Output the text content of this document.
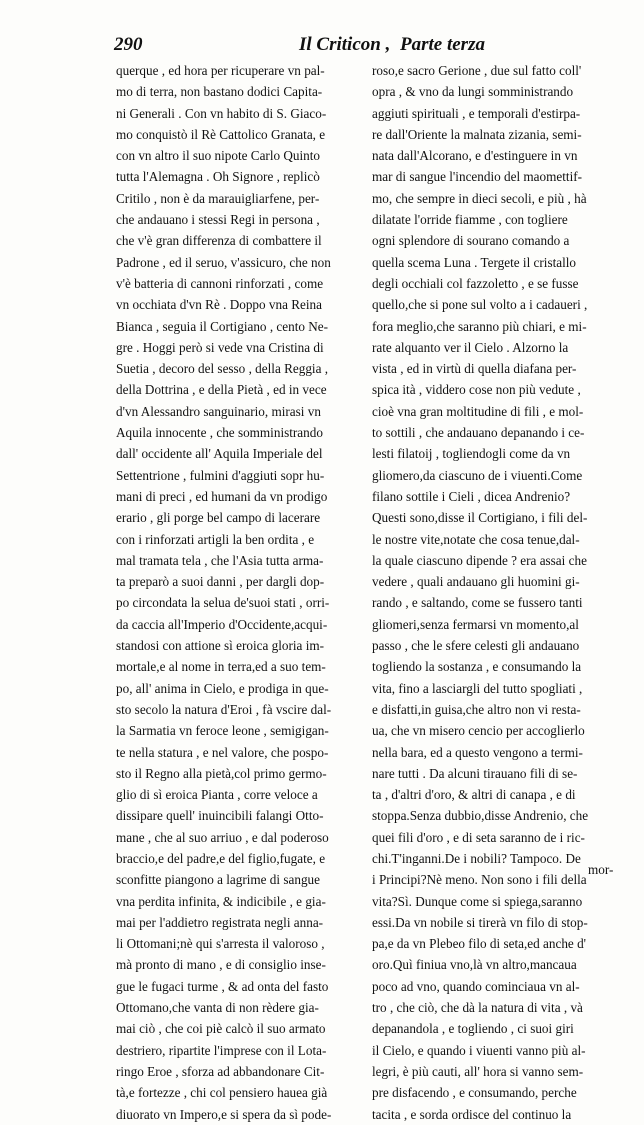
290	Il Criticon , Parte terza
querque , ed hora per ricuperare vn pal-
mo di terra, non bastano dodici Capita-
ni Generali . Con vn habito di S. Giaco-
mo conquistò il Rè Cattolico Granata, e
con vn altro il suo nipote Carlo Quinto
tutta l'Alemagna . Oh Signore , replicò
Critilo , non è da marauigliarfene, per-
che andauano i stessi Regi in persona ,
che v'è gran differenza di combattere il
Padrone , ed il seruo, v'assicuro, che non
v'è batteria di cannoni rinforzati , come
vn occhiata d'vn Rè . Doppo vna Reina
Bianca , seguia il Cortigiano , cento Ne-
gre . Hoggi però si vede vna Cristina di
Suetia , decoro del sesso , della Reggia ,
della Dottrina , e della Pietà , ed in vece
d'vn Alessandro sanguinario, mirasi vn
Aquila innocente , che somministrando
dall' occidente all' Aquila Imperiale del
Settentrione , fulmini d'aggiuti sopr hu-
mani di preci , ed humani da vn prodigo
erario , gli porge bel campo di lacerare
con i rinforzati artigli la ben ordita , e
mal tramata tela , che l'Asia tutta arma-
ta preparò a suoi danni , per dargli dop-
po circondata la selua de'suoi stati , orri-
da caccia all'Imperio d'Occidente,acqui-
standosi con attione sì eroica gloria im-
mortale,e al nome in terra,ed a suo tem-
po, all' anima in Cielo, e prodiga in que-
sto secolo la natura d'Eroi , fà vscire dal-
la Sarmatia vn feroce leone , semigigan-
te nella statura , e nel valore, che pospo-
sto il Regno alla pietà,col primo germo-
glio di sì eroica Pianta , corre veloce a
dissipare quell' inuincibili falangi Otto-
mane , che al suo arriuo , e dal poderoso
braccio,e del padre,e del figlio,fugate, e
sconfitte piangono a lagrime di sangue
vna perdita infinita, & indicibile , e gia-
mai per l'addietro registrata negli anna-
li Ottomani;nè qui s'arresta il valoroso ,
mà pronto di mano , e di consiglio inse-
gue le fugaci turme , & ad onta del fasto
Ottomano,che vanta di non rèdere gia-
mai ciò , che coi piè calcò il suo armato
destriero, ripartite l'imprese con il Lota-
ringo Eroe , sforza ad abbandonare Cit-
tà,e fortezze , chi col pensiero hauea già
diuorato vn Impero,e si spera da sì pode-
roso,e sacro Gerione , due sul fatto coll'
opra , & vno da lungi somministrando
aggiuti spirituali , e temporali d'estirpa-
re dall'Oriente la malnata zizania, semi-
nata dall'Alcorano, e d'estinguere in vn
mar di sangue l'incendio del maomettif-
mo, che sempre in dieci secoli, e più , hà
dilatate l'orride fiamme , con togliere
ogni splendore di sourano comando a
quella scema Luna . Tergete il cristallo
degli occhiali col fazzoletto , e se fusse
quello,che si pone sul volto a i cadaueri ,
fora meglio,che saranno più chiari, e mi-
rate alquanto ver il Cielo . Alzorno la
vista , ed in virtù di quella diafana per-
spica ità , viddero cose non più vedute ,
cioè vna gran moltitudine di fili , e mol-
to sottili , che andauano depanando i ce-
lesti filatoij , togliendogli come da vn
gliomero,da ciascuno de i viuenti.Come
filano sottile i Cieli , dicea Andrenio?
Questi sono,disse il Cortigiano, i fili del-
le nostre vite,notate che cosa tenue,dal-
la quale ciascuno dipende ? era assai che
vedere , quali andauano gli huomini gi-
rando , e saltando, come se fussero tanti
gliomeri,senza fermarsi vn momento,al
passo , che le sfere celesti gli andauano
togliendo la sostanza , e consumando la
vita, fino a lasciargli del tutto spogliati ,
e disfatti,in guisa,che altro non vi resta-
ua, che vn misero cencio per accoglierlo
nella bara, ed a questo vengono a termi-
nare tutti . Da alcuni tirauano fili di se-
ta , d'altri d'oro, & altri di canapa , e di
stoppa.Senza dubbio,disse Andrenio, che
quei fili d'oro , e di seta saranno de i ric-
chi.T'inganni.De i nobili? Tampoco. De
i Principi?Nè meno. Non sono i fili della
vita?Sì. Dunque come si spiega,saranno
essi.Da vn nobile si tirerà vn filo di stop-
pa,e da vn Plebeo filo di seta,ed anche d'
oro.Quì finiua vno,là vn altro,mancaua
poco ad vno, quando cominciaua vn al-
tro , che ciò, che dà la natura di vita , và
depanandola , e togliendo , ci suoi giri
il Cielo, e quando i viuenti vanno più al-
legri, è più cauti, all' hora si vanno sem-
pre disfacendo , e consumando, perche
tacita , e sorda ordisce del continuo la
mor-
